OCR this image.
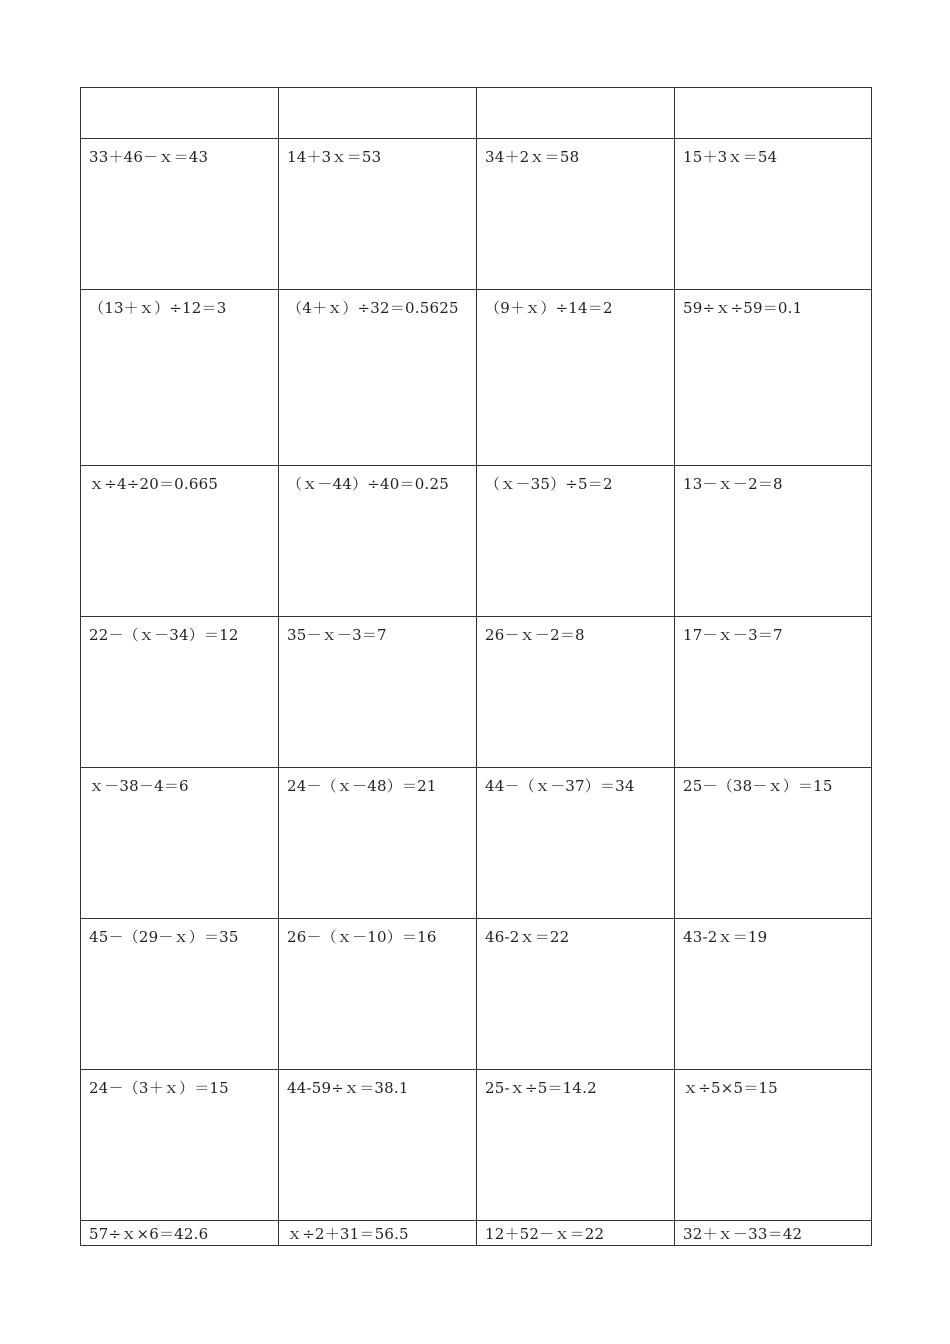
33＋46－ｘ＝43	14＋3ｘ＝53	34＋2ｘ＝58	15＋3ｘ＝54
（13＋ｘ）÷12＝3	（4＋ｘ）÷32＝0.5625	（9＋ｘ）÷14＝2	59÷ｘ÷59＝0.1
ｘ÷4÷20＝0.665	（ｘ－44）÷40＝0.25	（ｘ－35）÷5＝2	13－ｘ－2＝8
22－（ｘ－34）＝12	35－ｘ－3＝7	26－ｘ－2＝8	17－ｘ－3＝7
ｘ－38－4＝6	24－（ｘ－48）＝21	44－（ｘ－37）＝34	25－（38－ｘ）＝15
45－（29－ｘ）＝35	26－（ｘ－10）＝16	46-2ｘ＝22	43-2ｘ＝19
24－（3＋ｘ）＝15	44-59÷ｘ＝38.1	25-ｘ÷5＝14.2	ｘ÷5×5＝15
57÷ｘ×6＝42.6	ｘ÷2＋31＝56.5	12＋52－ｘ＝22	32＋ｘ－33＝42
